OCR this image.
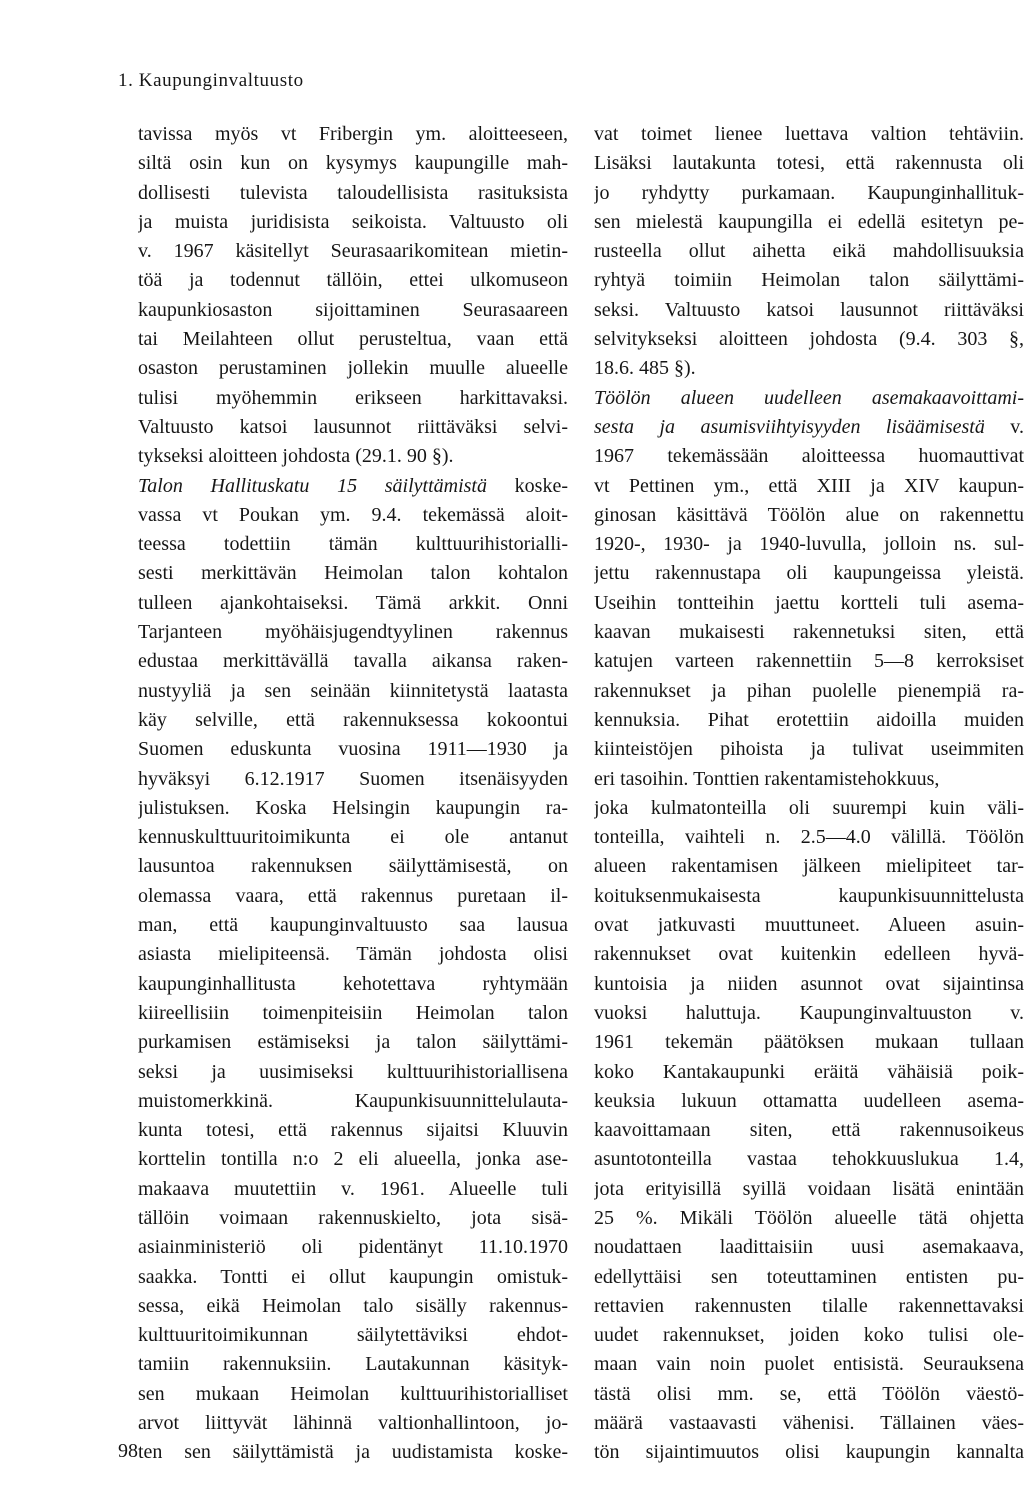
1. Kaupunginvaltuusto
tavissa myös vt Fribergin ym. aloitteeseen,
siltä osin kun on kysymys kaupungille mah-
dollisesti tulevista taloudellisista rasituksista
ja muista juridisista seikoista. Valtuusto oli
v. 1967 käsitellyt Seurasaarikomitean mietin-
töä ja todennut tällöin, ettei ulkomuseon
kaupunkiosaston sijoittaminen Seurasaareen
tai Meilahteen ollut perusteltua, vaan että
osaston perustaminen jollekin muulle alueelle
tulisi myöhemmin erikseen harkittavaksi.
Valtuusto katsoi lausunnot riittäväksi selvi-
tykseksi aloitteen johdosta (29.1. 90 §).
Talon Hallituskatu 15 säilyttämistä koske-
vassa vt Poukan ym. 9.4. tekemässä aloit-
teessa todettiin tämän kulttuurihistorialli-
sesti merkittävän Heimolan talon kohtalon
tulleen ajankohtaiseksi. Tämä arkkit. Onni
Tarjanteen myöhäisjugendtyylinen rakennus
edustaa merkittävällä tavalla aikansa raken-
nustyyliä ja sen seinään kiinnitetystä laatasta
käy selville, että rakennuksessa kokoontui
Suomen eduskunta vuosina 1911—1930 ja
hyväksyi 6.12.1917 Suomen itsenäisyyden
julistuksen. Koska Helsingin kaupungin ra-
kennuskulttuuritoimikunta ei ole antanut
lausuntoa rakennuksen säilyttämisestä, on
olemassa vaara, että rakennus puretaan il-
man, että kaupunginvaltuusto saa lausua
asiasta mielipiteensä. Tämän johdosta olisi
kaupunginhallitusta kehotettava ryhtymään
kiireellisiin toimenpiteisiin Heimolan talon
purkamisen estämiseksi ja talon säilyttämi-
seksi ja uusimiseksi kulttuurihistoriallisena
muistomerkkinä. Kaupunkisuunnittelulauta-
kunta totesi, että rakennus sijaitsi Kluuvin
korttelin tontilla n:o 2 eli alueella, jonka ase-
makaava muutettiin v. 1961. Alueelle tuli
tällöin voimaan rakennuskielto, jota sisä-
asiainministeriö oli pidentänyt 11.10.1970
saakka. Tontti ei ollut kaupungin omistuk-
sessa, eikä Heimolan talo sisälly rakennus-
kulttuuritoimikunnan säilytettäviksi ehdot-
tamiin rakennuksiin. Lautakunnan käsityk-
sen mukaan Heimolan kulttuurihistorialliset
arvot liittyvät lähinnä valtionhallintoon, jo-
ten sen säilyttämistä ja uudistamista koske-
vat toimet lienee luettava valtion tehtäviin.
Lisäksi lautakunta totesi, että rakennusta oli
jo ryhdytty purkamaan. Kaupunginhallituk-
sen mielestä kaupungilla ei edellä esitetyn pe-
rusteella ollut aihetta eikä mahdollisuuksia
ryhtyä toimiin Heimolan talon säilyttämi-
seksi. Valtuusto katsoi lausunnot riittäväksi
selvitykseksi aloitteen johdosta (9.4. 303 §,
18.6. 485 §).
Töölön alueen uudelleen asemakaavoittami-
sesta ja asumisviihtyisyyden lisäämisestä v.
1967 tekemässään aloitteessa huomauttivat
vt Pettinen ym., että XIII ja XIV kaupun-
ginosan käsittävä Töölön alue on rakennettu
1920-, 1930- ja 1940-luvulla, jolloin ns. sul-
jettu rakennustapa oli kaupungeissa yleistä.
Useihin tontteihin jaettu kortteli tuli asema-
kaavan mukaisesti rakennetuksi siten, että
katujen varteen rakennettiin 5—8 kerroksiset
rakennukset ja pihan puolelle pienempiä ra-
kennuksia. Pihat erotettiin aidoilla muiden
kiinteistöjen pihoista ja tulivat useimmiten
eri tasoihin. Tonttien rakentamistehokkuus,
joka kulmatonteilla oli suurempi kuin väli-
tonteilla, vaihteli n. 2.5—4.0 välillä. Töölön
alueen rakentamisen jälkeen mielipiteet tar-
koituksenmukaisesta kaupunkisuunnittelusta
ovat jatkuvasti muuttuneet. Alueen asuin-
rakennukset ovat kuitenkin edelleen hyvä-
kuntoisia ja niiden asunnot ovat sijaintinsa
vuoksi haluttuja. Kaupunginvaltuuston v.
1961 tekemän päätöksen mukaan tullaan
koko Kantakaupunki eräitä vähäisiä poik-
keuksia lukuun ottamatta uudelleen asema-
kaavoittamaan siten, että rakennusoikeus
asuntotonteilla vastaa tehokkuuslukua 1.4,
jota erityisillä syillä voidaan lisätä enintään
25 %. Mikäli Töölön alueelle tätä ohjetta
noudattaen laadittaisiin uusi asemakaava,
edellyttäisi sen toteuttaminen entisten pu-
rettavien rakennusten tilalle rakennettavaksi
uudet rakennukset, joiden koko tulisi ole-
maan vain noin puolet entisistä. Seurauksena
tästä olisi mm. se, että Töölön väestö-
määrä vastaavasti vähenisi. Tällainen väes-
tön sijaintimuutos olisi kaupungin kannalta
98
